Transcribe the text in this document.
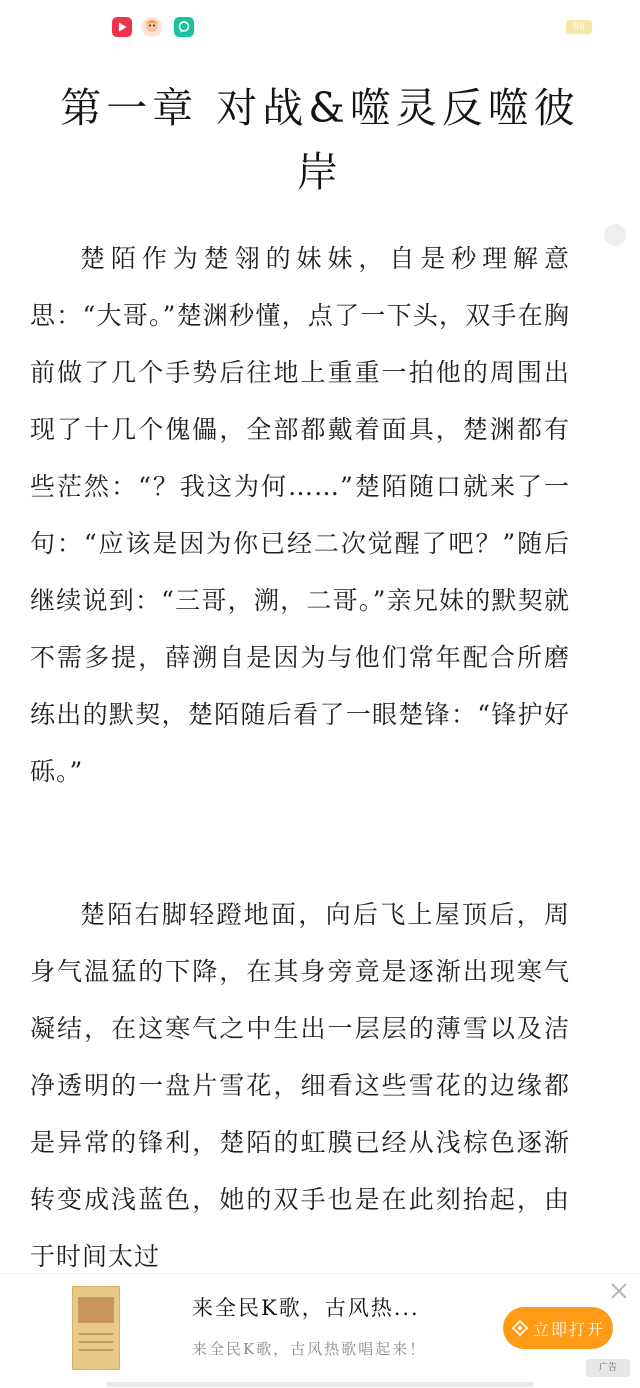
98
第一章 对战&噬灵反噬彼岸

楚陌作为楚翎的妹妹，自是秒理解意思：“大哥。”楚渊秒懂，点了一下头，双手在胸前做了几个手势后往地上重重一拍他的周围出现了十几个傀儡，全部都戴着面具，楚渊都有些茫然：“？我这为何……”楚陌随口就来了一句：“应该是因为你已经二次觉醒了吧？”随后继续说到：“三哥，溯，二哥。”亲兄妹的默契就不需多提，薛溯自是因为与他们常年配合所磨练出的默契，楚陌随后看了一眼楚锋：“锋护好砾。”

楚陌右脚轻蹬地面，向后飞上屋顶后，周身气温猛的下降，在其身旁竟是逐渐出现寒气凝结，在这寒气之中生出一层层的薄雪以及洁净透明的一盘片雪花，细看这些雪花的边缘都是异常的锋利，楚陌的虹膜已经从浅棕色逐渐转变成浅蓝色，她的双手也是在此刻抬起，由于时间太过

来全民K歌，古风热...
来全民K歌，古风热歌唱起来！
立即打开
广告
